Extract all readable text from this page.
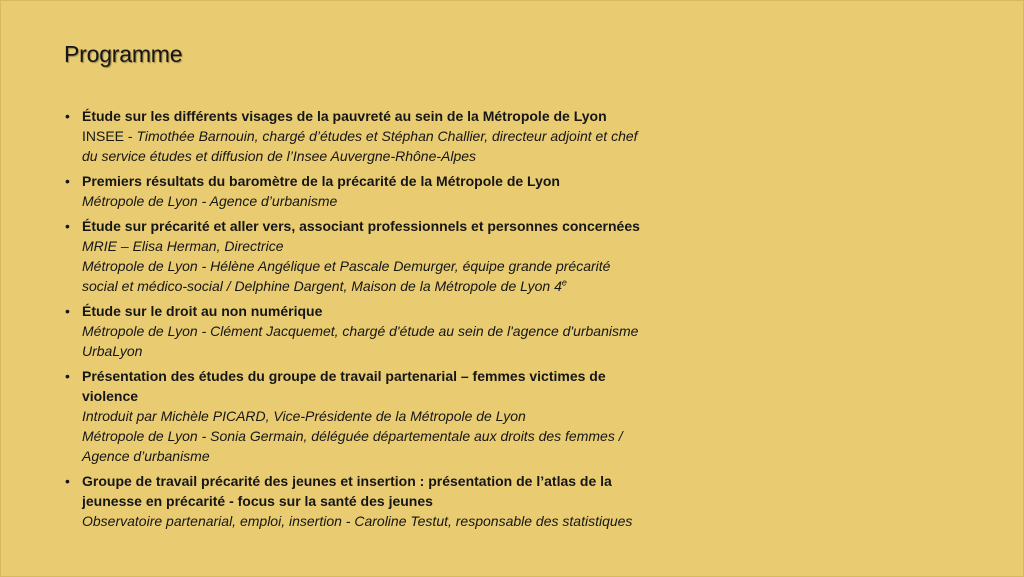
Programme
• Étude sur les différents visages de la pauvreté au sein de la Métropole de Lyon
INSEE - Timothée Barnouin, chargé d’études et Stéphan Challier, directeur adjoint et chef
du service études et diffusion de l’Insee Auvergne-Rhône-Alpes
• Premiers résultats du baromètre de la précarité de la Métropole de Lyon
Métropole de Lyon - Agence d’urbanisme
• Étude sur précarité et aller vers, associant professionnels et personnes concernées
MRIE – Elisa Herman, Directrice
Métropole de Lyon - Hélène Angélique et Pascale Demurger, équipe grande précarité
social et médico-social / Delphine Dargent, Maison de la Métropole de Lyon 4e
• Étude sur le droit au non numérique
Métropole de Lyon - Clément Jacquemet, chargé d'étude au sein de l'agence d'urbanisme
UrbaLyon
• Présentation des études du groupe de travail partenarial – femmes victimes de
violence
Introduit par Michèle PICARD, Vice-Présidente de la Métropole de Lyon
Métropole de Lyon - Sonia Germain, déléguée départementale aux droits des femmes /
Agence d’urbanisme
• Groupe de travail précarité des jeunes et insertion : présentation de l’atlas de la
jeunesse en précarité - focus sur la santé des jeunes
Observatoire partenarial, emploi, insertion - Caroline Testut, responsable des statistiques
